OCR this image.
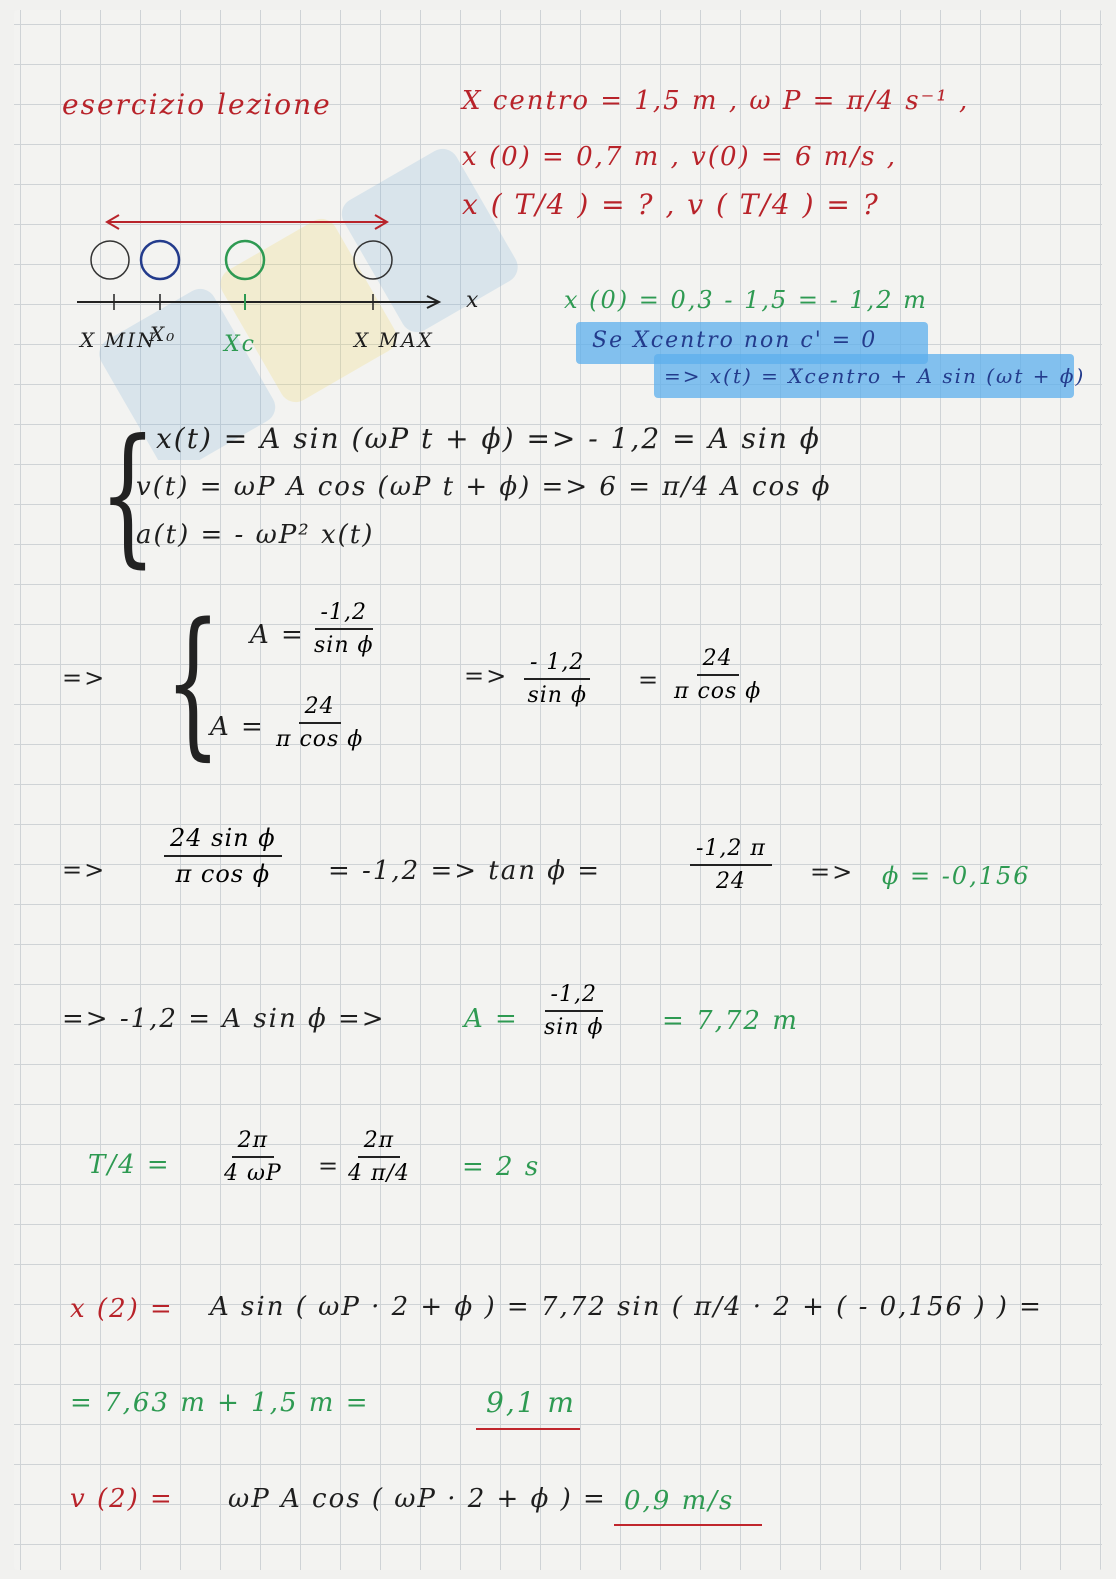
esercizio lezione	X centro = 1,5 m , ω P = π/4 s⁻¹ ,
x (0) = 0,7 m , v(0) = 6 m/s ,
x ( T/4 ) = ? , v ( T/4 ) = ?
x
X MIN
X₀ Xc	X MAX
x (0) = 0,3 - 1,5 = - 1,2 m
Se Xcentro non c' = 0
=> x(t) = Xcentro + A sin (ωt + ϕ)
{ x(t) = A sin (ωP t + ϕ) => - 1,2 = A sin ϕ
v(t) = ωP A cos (ωP t + ϕ) => 6 = π/4 A cos ϕ
a(t) = - ωP² x(t)
=> { $A = \frac{-1,2}{\text{sin ϕ}}$
$A = \frac{24}{\text{π cos ϕ}}$
=> $\frac{- 1,2}{\text{sin ϕ}} = \frac{24}{\text{π cos ϕ}}$
=> $\frac{\text{24 sin ϕ}}{\text{π cos ϕ}} = -1,2 => \tan \phi$ =	$\frac{-1,2 \pi}{24} => \phi = -0,156$
=> -1,2 = A sin ϕ =>	$A = \frac{-1,2}{\text{sin ϕ}} = 7,72$ m
$T/4 = \frac{2\pi}{4 \omega P} = \frac{2\pi}{4 \pi/4} = 2$ s
x (2) = A sin ( ωP · 2 + ϕ ) = 7,72 sin ( π/4 · 2 + ( - 0,156 ) ) =
= 7,63 m + 1,5 m =	9,1 m
v (2) = ωP A cos ( ωP · 2 + ϕ ) = 0,9 m/s
